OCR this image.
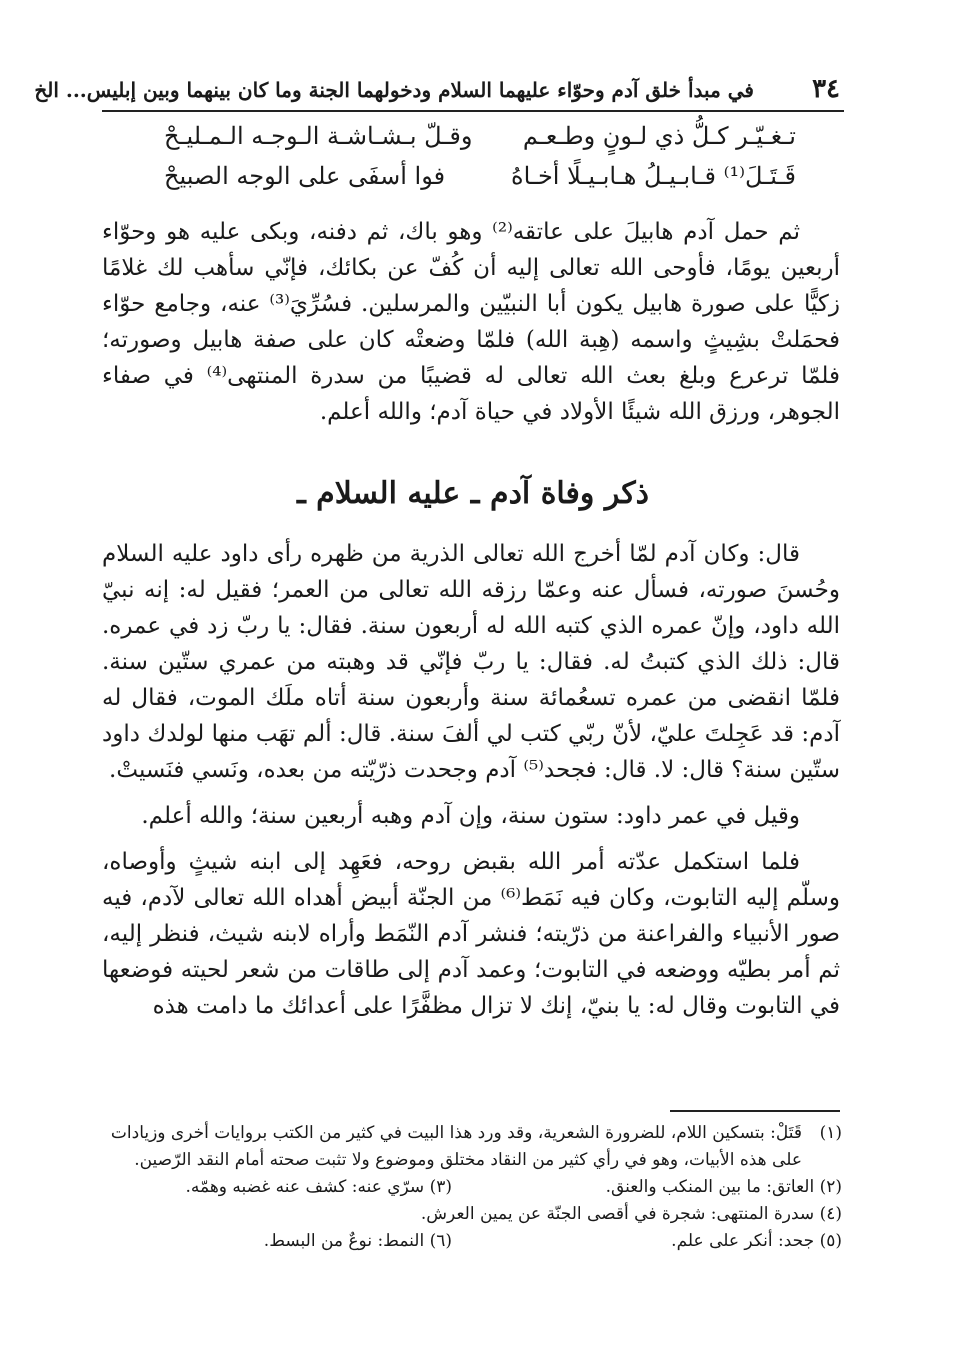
٣٤
في مبدأ خلق آدم وحوّاء عليهما السلام ودخولهما الجنة وما كان بينهما وبين إبليس... الخ
تـغـيّـر كـلُّ ذي لـونٍ وطـعـم
وقـلّ بـشـاشـة الـوجـه الـمـليـحْ
قَـتَـلَ⁽¹⁾ قـابـيـلُ هـابـيـلًا أخـاهُ
فوا أسفَى على الوجه الصبيحْ

ثم حمل آدم هابيلَ على عاتقه⁽²⁾ وهو باك، ثم دفنه، وبكى عليه هو وحوّاء أربعين يومًا، فأوحى الله تعالى إليه أن كُفّ عن بكائك، فإنّي سأهب لك غلامًا زكيًّا على صورة هابيل يكون أبا النبيّين والمرسلين. فسُرِّيَ⁽³⁾ عنه، وجامع حوّاء فحمَلتْ بشِيثٍ واسمه (هِبة الله) فلمّا وضعتْه كان على صفة هابيل وصورته؛ فلمّا ترعرع وبلغ بعث الله تعالى له قضيبًا من سدرة المنتهى⁽⁴⁾ في صفاء الجوهر، ورزق الله شيئًا الأولاد في حياة آدم؛ والله أعلم.

ذكر وفاة آدم ـ عليه السلام ـ

قال: وكان آدم لمّا أخرج الله تعالى الذرية من ظهره رأى داود عليه السلام وحُسنَ صورته، فسأل عنه وعمّا رزقه الله تعالى من العمر؛ فقيل له: إنه نبيّ الله داود، وإنّ عمره الذي كتبه الله له أربعون سنة. فقال: يا ربّ زد في عمره. قال: ذلك الذي كتبتُ له. فقال: يا ربّ فإنّي قد وهبته من عمري ستّين سنة. فلمّا انقضى من عمره تسعُمائة سنة وأربعون سنة أتاه ملَك الموت، فقال له آدم: قد عَجِلتَ عليّ، لأنّ ربّي كتب لي ألفَ سنة. قال: ألم تهَب منها لولدك داود ستّين سنة؟ قال: لا. قال: فجحد⁽⁵⁾ آدم وجحدت ذرّيّته من بعده، ونَسي فنَسيتْ.

وقيل في عمر داود: ستون سنة، وإن آدم وهبه أربعين سنة؛ والله أعلم.

فلما استكمل عدّته أمر الله بقبض روحه، فعَهِد إلى ابنه شيثٍ وأوصاه، وسلّم إليه التابوت، وكان فيه نَمَط⁽⁶⁾ من الجنّة أبيض أهداه الله تعالى لآدم، فيه صور الأنبياء والفراعنة من ذرّيته؛ فنشر آدم النّمَط وأراه لابنه شيث، فنظر إليه، ثم أمر بطيّه ووضعه في التابوت؛ وعمد آدم إلى طاقات من شعر لحيته فوضعها في التابوت وقال له: يا بنيّ، إنك لا تزال مظفَّرًا على أعدائك ما دامت هذه

(١)
قَتَلْ: بتسكين اللام، للضرورة الشعرية، وقد ورد هذا البيت في كثير من الكتب بروايات أخرى وزيادات على هذه الأبيات، وهو في رأي كثير من النقاد مختلق وموضوع ولا تثبت صحته أمام النقد الرّصين.
(٢) العاتق: ما بين المنكب والعنق.
(٣) سرّي عنه: كشف عنه غضبه وهمّه.
(٤) سدرة المنتهى: شجرة في أقصى الجنّة عن يمين العرش.
(٥) جحد: أنكر على علم.
(٦) النمط: نوعٌ من البسط.
